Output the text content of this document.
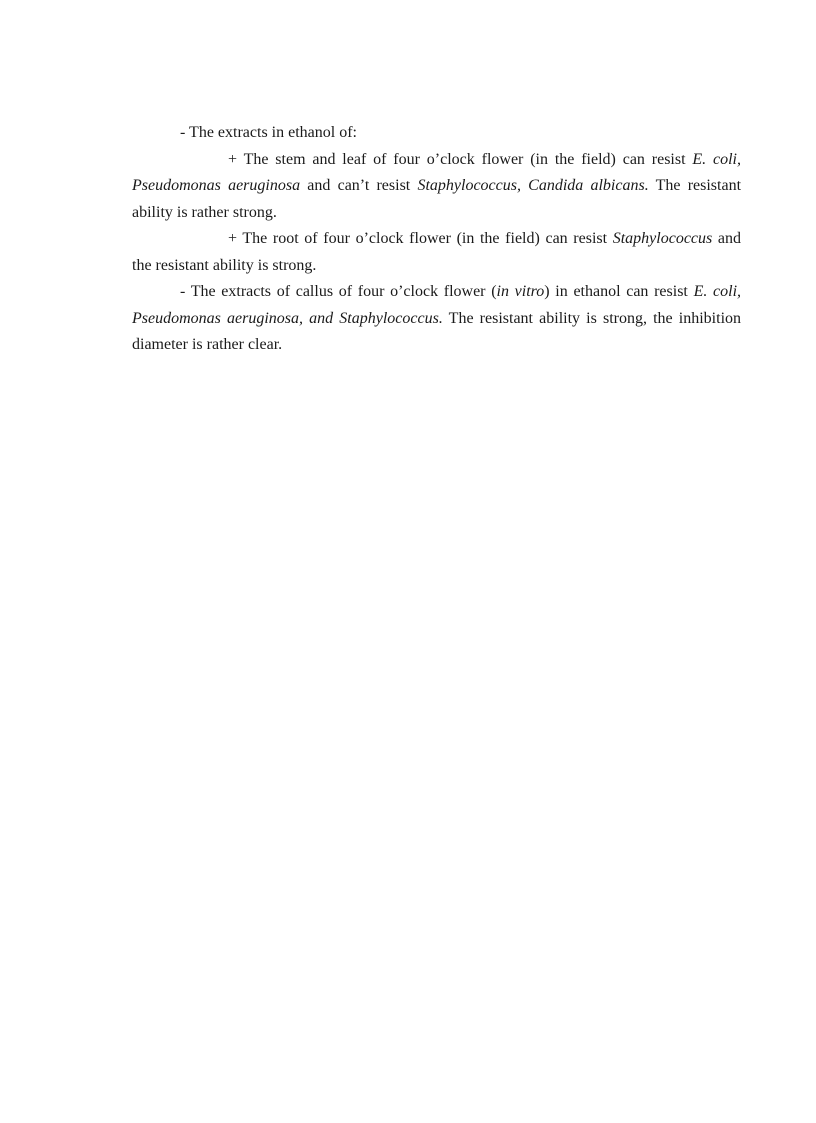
- The extracts in ethanol of:

+ The stem and leaf of four o’clock flower (in the field) can resist E. coli, Pseudomonas aeruginosa and can’t resist Staphylococcus, Candida albicans. The resistant ability is rather strong.

+ The root of four o’clock flower (in the field) can resist Staphylococcus and the resistant ability is strong.

- The extracts of callus of four o’clock flower (in vitro) in ethanol can resist E. coli, Pseudomonas aeruginosa, and Staphylococcus. The resistant ability is strong, the inhibition diameter is rather clear.
